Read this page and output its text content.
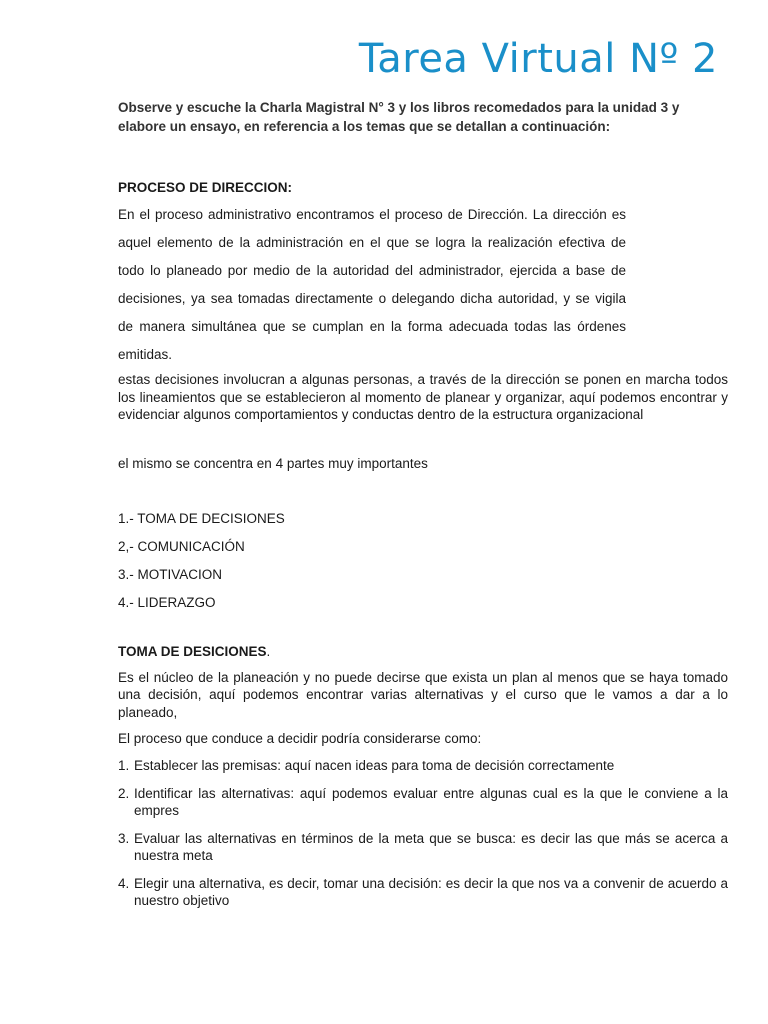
Tarea Virtual Nº 2

Observe y escuche la Charla Magistral N° 3 y los libros recomedados para la unidad 3 y elabore un ensayo, en referencia a los temas que se detallan a continuación:

PROCESO DE DIRECCION:

En el proceso administrativo encontramos el proceso de Dirección. La dirección es aquel elemento de la administración en el que se logra la realización efectiva de todo lo planeado por medio de la autoridad del administrador, ejercida a base de decisiones, ya sea tomadas directamente o delegando dicha autoridad, y se vigila de manera simultánea que se cumplan en la forma adecuada todas las órdenes emitidas.

estas decisiones involucran a algunas personas, a través de la dirección se ponen en marcha todos los lineamientos que se establecieron al momento de planear y organizar, aquí podemos encontrar y evidenciar algunos comportamientos y conductas dentro de la estructura organizacional

el mismo se concentra en 4 partes muy importantes

1.- TOMA DE DECISIONES
2,- COMUNICACIÓN
3.- MOTIVACION
4.- LIDERAZGO

TOMA DE DESICIONES.

Es el núcleo de la planeación y no puede decirse que exista un plan al menos que se haya tomado una decisión, aquí podemos encontrar varias alternativas y el curso que le vamos a dar a lo planeado,

El proceso que conduce a decidir podría considerarse como:

1. Establecer las premisas: aquí nacen ideas para toma de decisión correctamente
2. Identificar las alternativas: aquí podemos evaluar entre algunas cual es la que le conviene a la empres
3. Evaluar las alternativas en términos de la meta que se busca: es decir las que más se acerca a nuestra meta
4. Elegir una alternativa, es decir, tomar una decisión: es decir la que nos va a convenir de acuerdo a nuestro objetivo
